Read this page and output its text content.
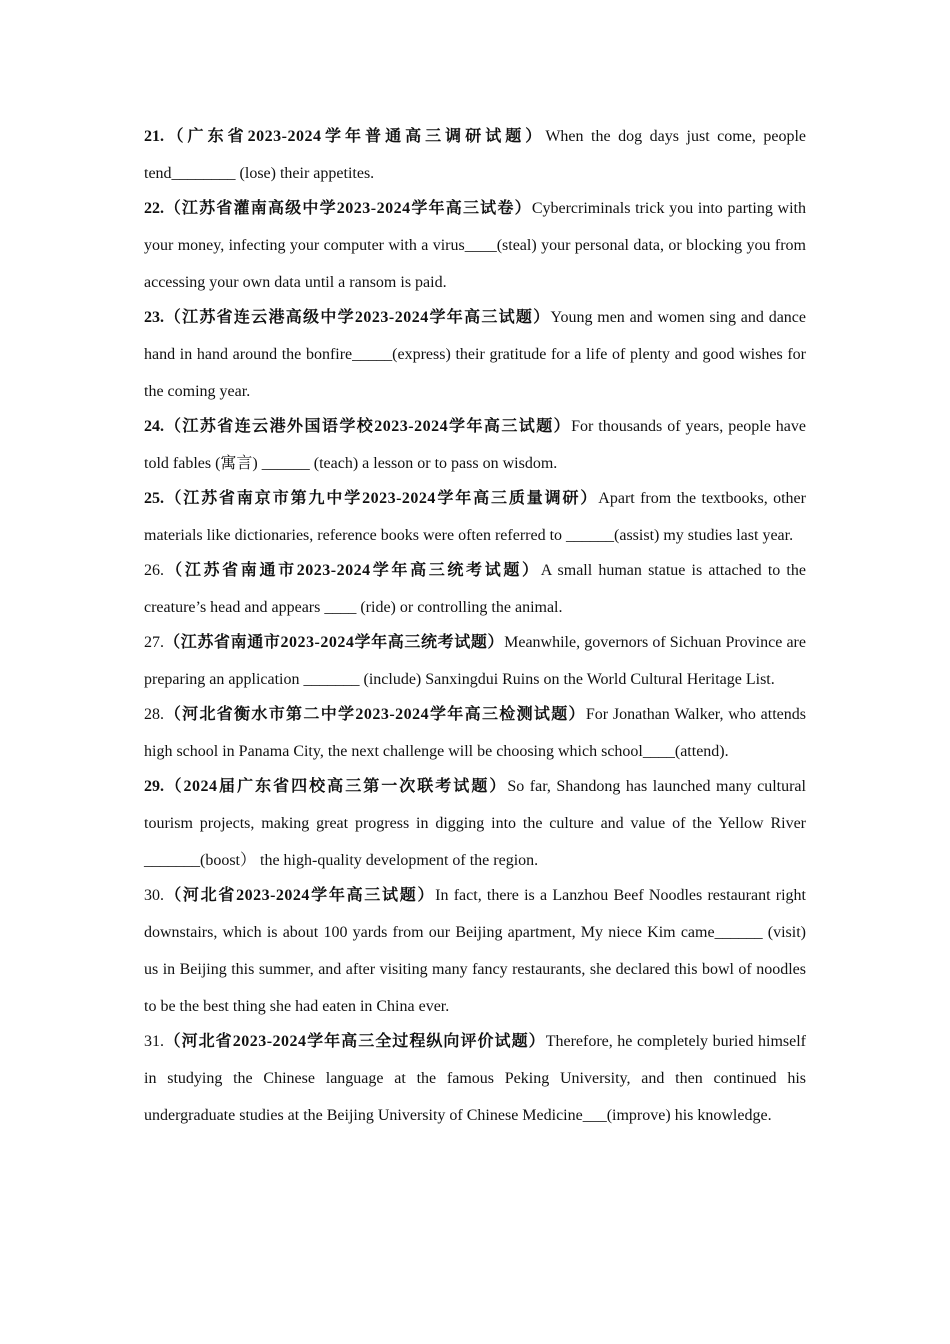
21.（广东省2023-2024学年普通高三调研试题）When the dog days just come, people tend________ (lose) their appetites.

22.（江苏省灌南高级中学2023-2024学年高三试卷）Cybercriminals trick you into parting with your money, infecting your computer with a virus____(steal) your personal data, or blocking you from accessing your own data until a ransom is paid.

23.（江苏省连云港高级中学2023-2024学年高三试题）Young men and women sing and dance hand in hand around the bonfire_____(express) their gratitude for a life of plenty and good wishes for the coming year.

24.（江苏省连云港外国语学校2023-2024学年高三试题）For thousands of years, people have told fables (寓言) ______ (teach) a lesson or to pass on wisdom.

25.（江苏省南京市第九中学2023-2024学年高三质量调研）Apart from the textbooks, other materials like dictionaries, reference books were often referred to ______(assist) my studies last year.

26.（江苏省南通市2023-2024学年高三统考试题）A small human statue is attached to the creature’s head and appears ____ (ride) or controlling the animal.

27.（江苏省南通市2023-2024学年高三统考试题）Meanwhile, governors of Sichuan Province are preparing an application _______ (include) Sanxingdui Ruins on the World Cultural Heritage List.

28.（河北省衡水市第二中学2023-2024学年高三检测试题）For Jonathan Walker, who attends high school in Panama City, the next challenge will be choosing which school____(attend).

29.（2024届广东省四校高三第一次联考试题）So far, Shandong has launched many cultural tourism projects, making great progress in digging into the culture and value of the Yellow River _______(boost） the high-quality development of the region.

30.（河北省2023-2024学年高三试题）In fact, there is a Lanzhou Beef Noodles restaurant right downstairs, which is about 100 yards from our Beijing apartment, My niece Kim came______ (visit) us in Beijing this summer, and after visiting many fancy restaurants, she declared this bowl of noodles to be the best thing she had eaten in China ever.

31.（河北省2023-2024学年高三全过程纵向评价试题）Therefore, he completely buried himself in studying the Chinese language at the famous Peking University, and then continued his undergraduate studies at the Beijing University of Chinese Medicine___(improve) his knowledge.
